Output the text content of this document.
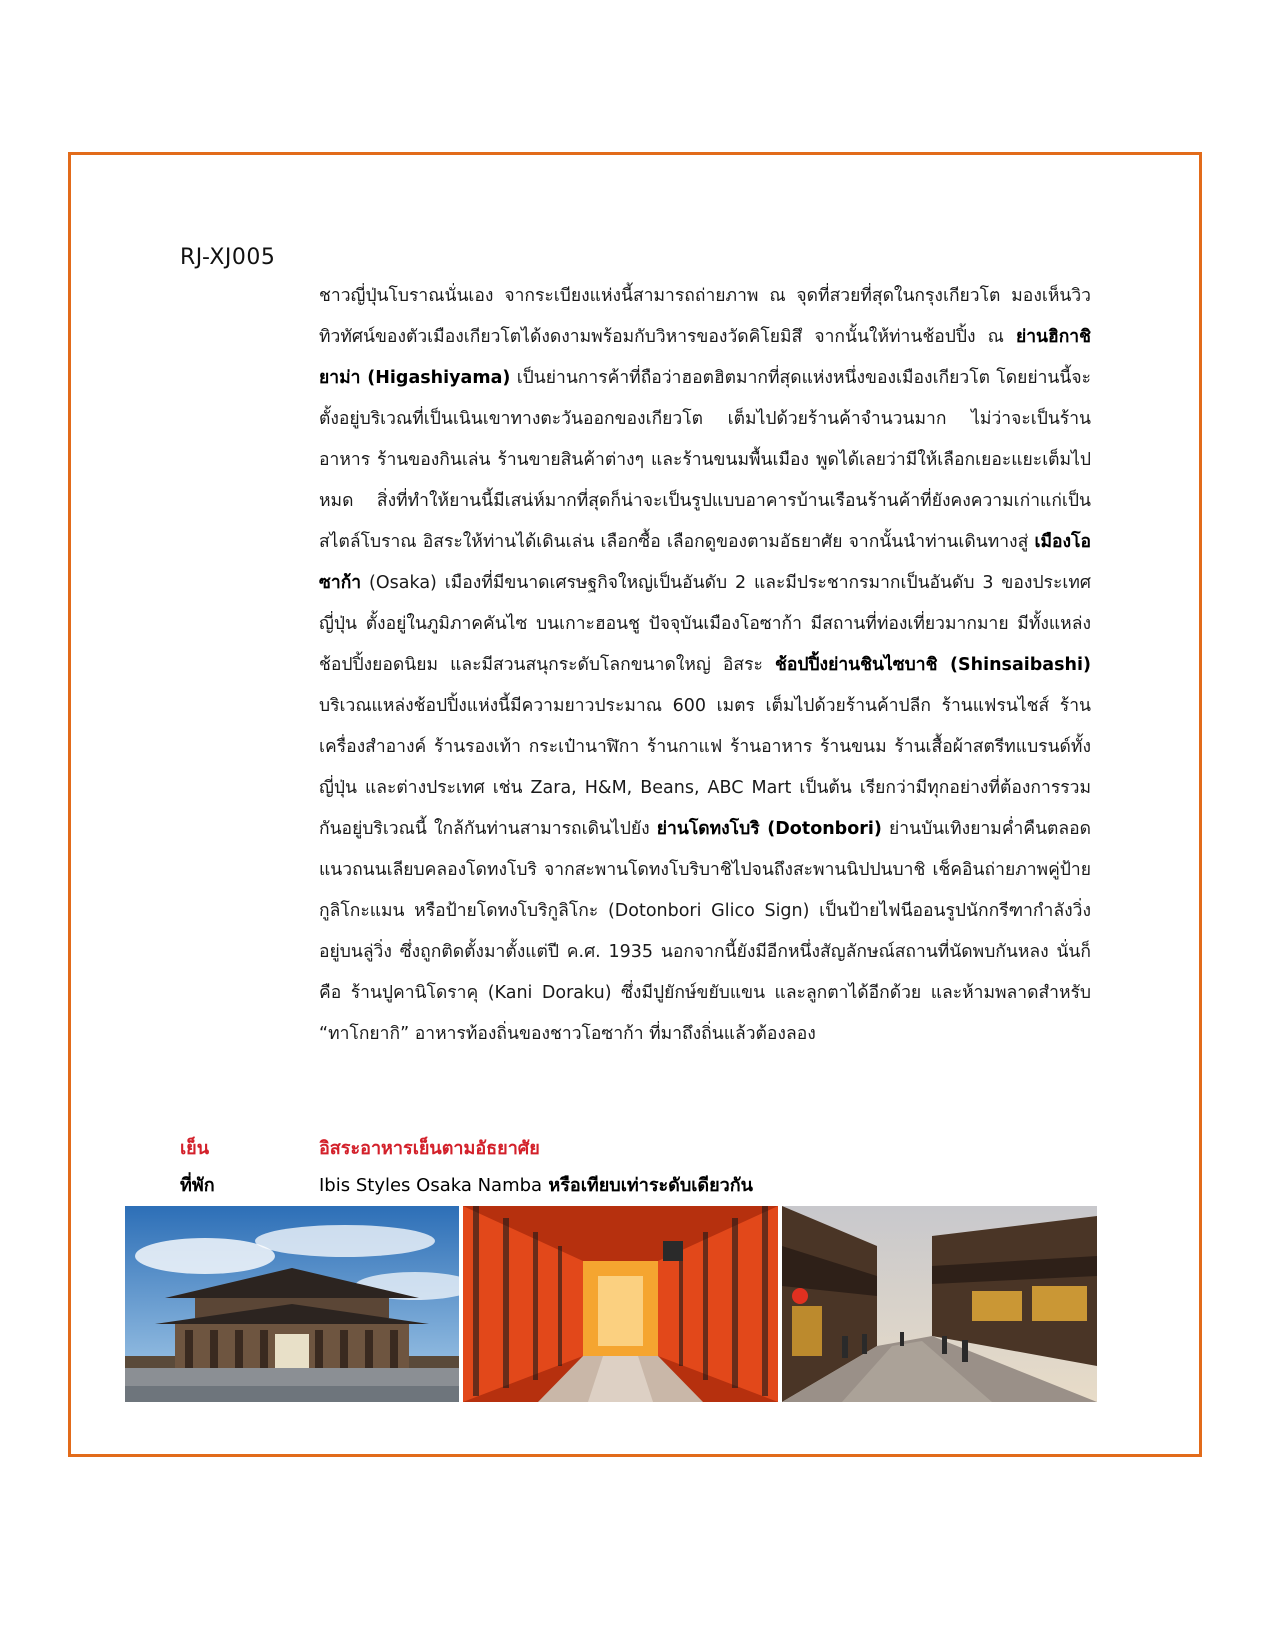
RJ-XJ005
ชาวญี่ปุ่นโบราณนั่นเอง จากระเบียงแห่งนี้สามารถถ่ายภาพ ณ จุดที่สวยที่สุดในกรุงเกียวโต มองเห็นวิวทิวทัศน์ของตัวเมืองเกียวโตได้งดงามพร้อมกับวิหารของวัดคิโยมิสึ จากนั้นให้ท่านช้อปปิ้ง ณ ย่านฮิกาชิยาม่า (Higashiyama) เป็นย่านการค้าที่ถือว่าฮอตฮิตมากที่สุดแห่งหนึ่งของเมืองเกียวโต โดยย่านนี้จะตั้งอยู่บริเวณที่เป็นเนินเขาทางตะวันออกของเกียวโต เต็มไปด้วยร้านค้าจำนวนมาก ไม่ว่าจะเป็นร้านอาหาร ร้านของกินเล่น ร้านขายสินค้าต่างๆ และร้านขนมพื้นเมือง พูดได้เลยว่ามีให้เลือกเยอะแยะเต็มไปหมด สิ่งที่ทำให้ยานนี้มีเสน่ห์มากที่สุดก็น่าจะเป็นรูปแบบอาคารบ้านเรือนร้านค้าที่ยังคงความเก่าแก่เป็นสไตล์โบราณ อิสระให้ท่านได้เดินเล่น เลือกซื้อ เลือกดูของตามอัธยาศัย จากนั้นนำท่านเดินทางสู่ เมืองโอซาก้า (Osaka) เมืองที่มีขนาดเศรษฐกิจใหญ่เป็นอันดับ 2 และมีประชากรมากเป็นอันดับ 3 ของประเทศญี่ปุ่น ตั้งอยู่ในภูมิภาคคันไซ บนเกาะฮอนชู ปัจจุบันเมืองโอซาก้า มีสถานที่ท่องเที่ยวมากมาย มีทั้งแหล่งช้อปปิ้งยอดนิยม และมีสวนสนุกระดับโลกขนาดใหญ่ อิสระ ช้อปปิ้งย่านชินไซบาชิ (Shinsaibashi) บริเวณแหล่งช้อปปิ้งแห่งนี้มีความยาวประมาณ 600 เมตร เต็มไปด้วยร้านค้าปลีก ร้านแฟรนไชส์ ร้านเครื่องสำอางค์ ร้านรองเท้า กระเป๋านาฬิกา ร้านกาแฟ ร้านอาหาร ร้านขนม ร้านเสื้อผ้าสตรีทแบรนด์ทั้งญี่ปุ่น และต่างประเทศ เช่น Zara, H&M, Beans, ABC Mart เป็นต้น เรียกว่ามีทุกอย่างที่ต้องการรวมกันอยู่บริเวณนี้ ใกล้กันท่านสามารถเดินไปยัง ย่านโดทงโบริ (Dotonbori) ย่านบันเทิงยามค่ำคืนตลอดแนวถนนเลียบคลองโดทงโบริ จากสะพานโดทงโบริบาชิไปจนถึงสะพานนิปปนบาชิ เช็คอินถ่ายภาพคู่ป้ายกูลิโกะแมน หรือป้ายโดทงโบริกูลิโกะ (Dotonbori Glico Sign) เป็นป้ายไฟนีออนรูปนักกรีฑากำลังวิ่งอยู่บนลู่วิ่ง ซึ่งถูกติดตั้งมาตั้งแต่ปี ค.ศ. 1935 นอกจากนี้ยังมีอีกหนึ่งสัญลักษณ์สถานที่นัดพบกันหลง นั่นก็คือ ร้านปูคานิโดราคุ (Kani Doraku) ซึ่งมีปูยักษ์ขยับแขน และลูกตาได้อีกด้วย และห้ามพลาดสำหรับ “ทาโกยากิ” อาหารท้องถิ่นของชาวโอซาก้า ที่มาถึงถิ่นแล้วต้องลอง
เย็น	อิสระอาหารเย็นตามอัธยาศัย
ที่พัก	Ibis Styles Osaka Namba หรือเทียบเท่าระดับเดียวกัน
